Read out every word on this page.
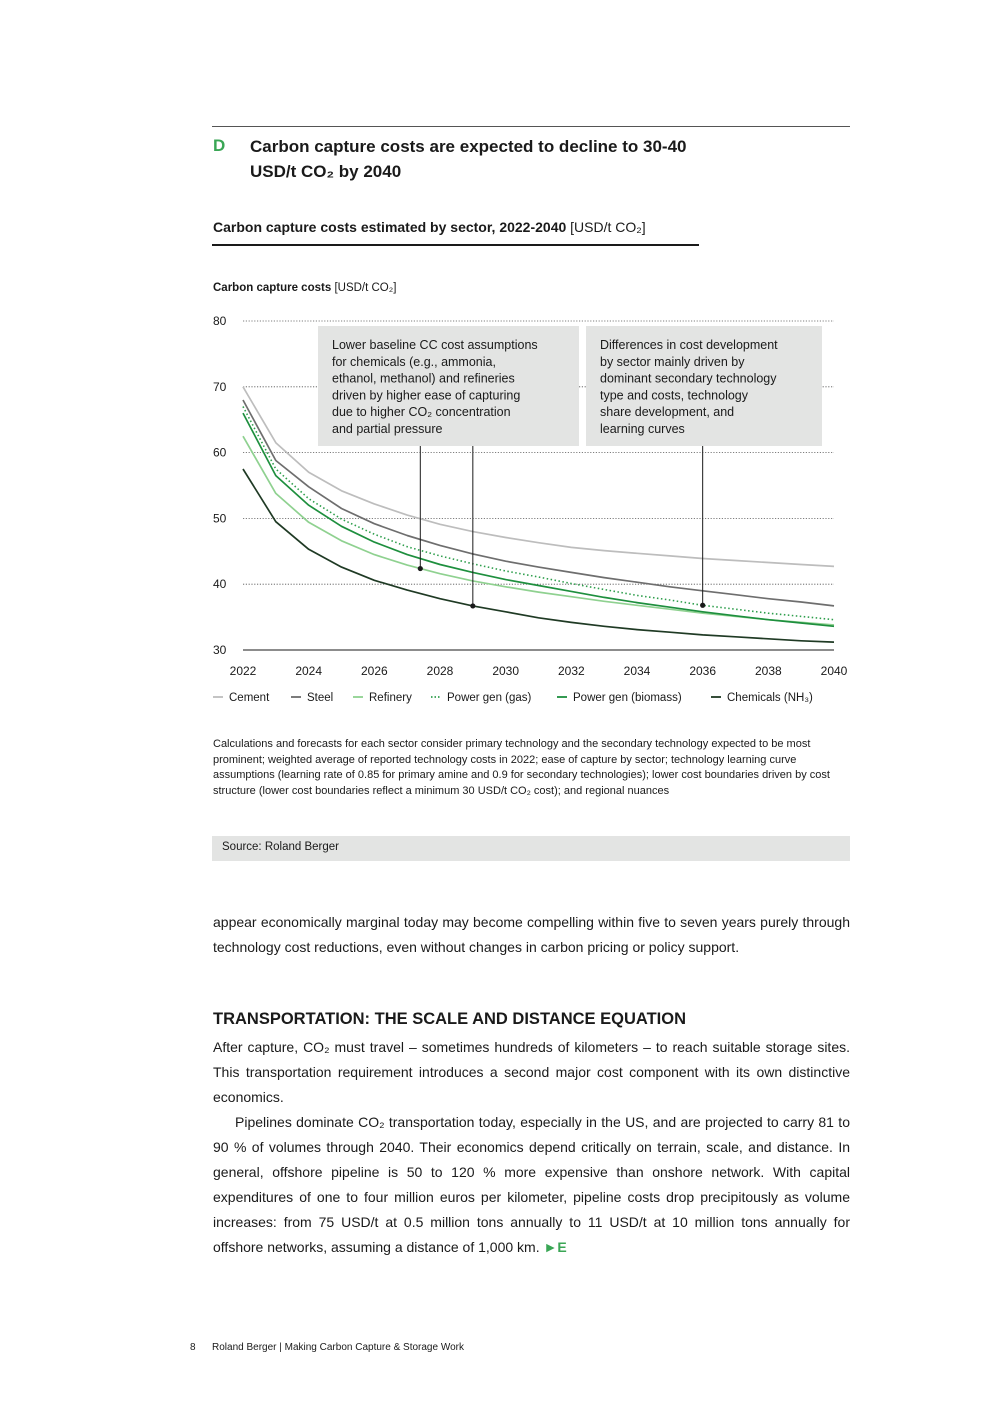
D Carbon capture costs are expected to decline to 30-40 USD/t CO₂ by 2040
Carbon capture costs estimated by sector, 2022-2040 [USD/t CO₂]
Carbon capture costs [USD/t CO₂]
30
40
50
60
70
80
2022	2024	2026	2028	2030	2032	2034	2036	2038	2040
Lower baseline CC cost assumptions for chemicals (e.g., ammonia, ethanol, methanol) and refineries driven by higher ease of capturing due to higher CO₂ concentration and partial pressure
Differences in cost development by sector mainly driven by dominant secondary technology type and costs, technology share development, and learning curves
Cement	Steel	Refinery	Power gen (gas)	Power gen (biomass)	Chemicals (NH₃)
Calculations and forecasts for each sector consider primary technology and the secondary technology expected to be most prominent; weighted average of reported technology costs in 2022; ease of capture by sector; technology learning curve assumptions (learning rate of 0.85 for primary amine and 0.9 for secondary technologies); lower cost boundaries driven by cost structure (lower cost boundaries reflect a minimum 30 USD/t CO₂ cost); and regional nuances
Source: Roland Berger
appear economically marginal today may become compelling within five to seven years purely through technology cost reductions, even without changes in carbon pricing or policy support.
TRANSPORTATION: THE SCALE AND DISTANCE EQUATION
After capture, CO₂ must travel – sometimes hundreds of kilometers – to reach suitable storage sites. This transportation requirement introduces a second major cost component with its own distinctive economics.
Pipelines dominate CO₂ transportation today, especially in the US, and are projected to carry 81 to 90 % of volumes through 2040. Their economics depend critically on terrain, scale, and distance. In general, offshore pipeline is 50 to 120 % more expensive than onshore network. With capital expenditures of one to four million euros per kilometer, pipeline costs drop precipitously as volume increases: from 75 USD/t at 0.5 million tons annually to 11 USD/t at 10 million tons annually for offshore networks, assuming a distance of 1,000 km. ►E
8 Roland Berger | Making Carbon Capture & Storage Work
